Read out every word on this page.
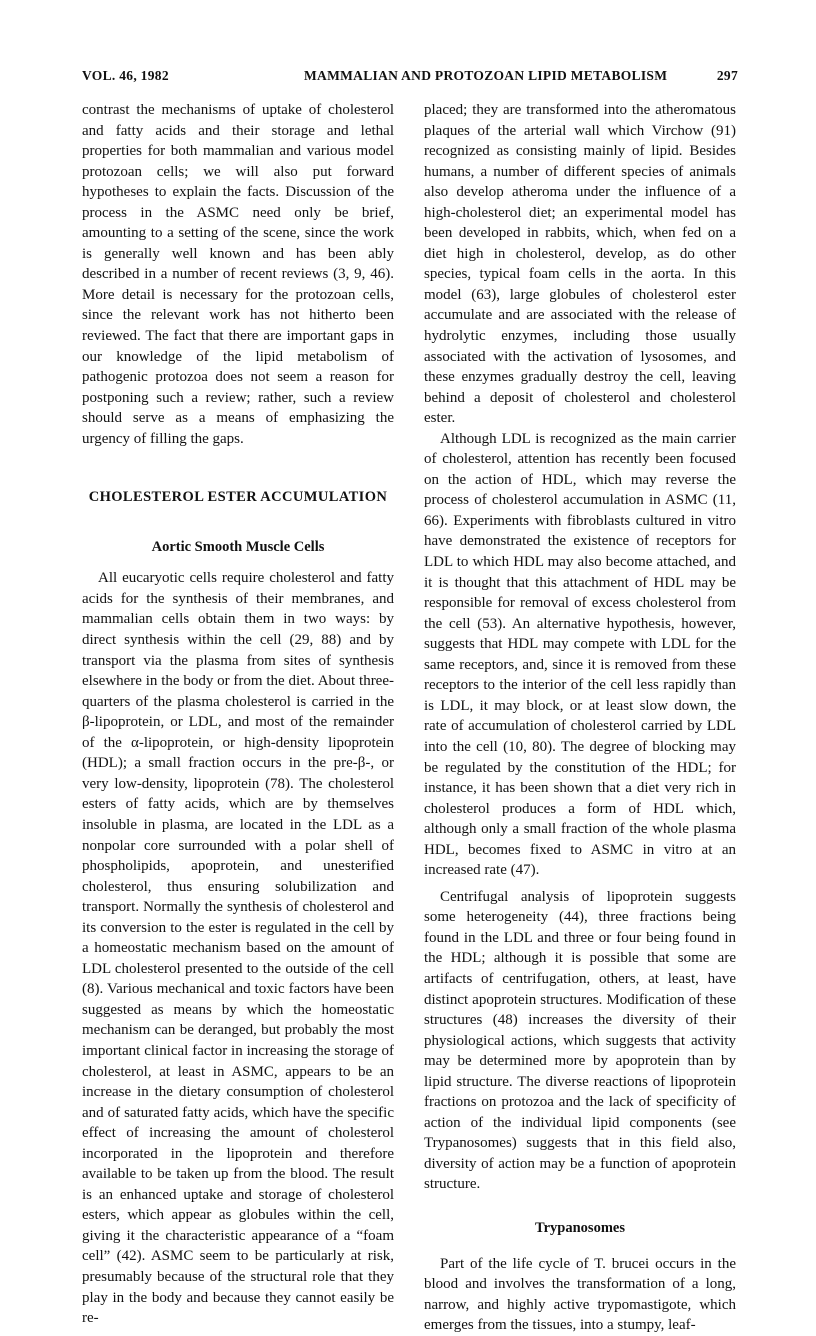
VOL. 46, 1982	MAMMALIAN AND PROTOZOAN LIPID METABOLISM	297

contrast the mechanisms of uptake of cholesterol and fatty acids and their storage and lethal properties for both mammalian and various model protozoan cells; we will also put forward hypotheses to explain the facts. Discussion of the process in the ASMC need only be brief, amounting to a setting of the scene, since the work is generally well known and has been ably described in a number of recent reviews (3, 9, 46). More detail is necessary for the protozoan cells, since the relevant work has not hitherto been reviewed. The fact that there are important gaps in our knowledge of the lipid metabolism of pathogenic protozoa does not seem a reason for postponing such a review; rather, such a review should serve as a means of emphasizing the urgency of filling the gaps.

CHOLESTEROL ESTER ACCUMULATION
Aortic Smooth Muscle Cells

All eucaryotic cells require cholesterol and fatty acids for the synthesis of their membranes, and mammalian cells obtain them in two ways: by direct synthesis within the cell (29, 88) and by transport via the plasma from sites of synthesis elsewhere in the body or from the diet. About three-quarters of the plasma cholesterol is carried in the β-lipoprotein, or LDL, and most of the remainder of the α-lipoprotein, or high-density lipoprotein (HDL); a small fraction occurs in the pre-β-, or very low-density, lipoprotein (78). The cholesterol esters of fatty acids, which are by themselves insoluble in plasma, are located in the LDL as a nonpolar core surrounded with a polar shell of phospholipids, apoprotein, and unesterified cholesterol, thus ensuring solubilization and transport. Normally the synthesis of cholesterol and its conversion to the ester is regulated in the cell by a homeostatic mechanism based on the amount of LDL cholesterol presented to the outside of the cell (8). Various mechanical and toxic factors have been suggested as means by which the homeostatic mechanism can be deranged, but probably the most important clinical factor in increasing the storage of cholesterol, at least in ASMC, appears to be an increase in the dietary consumption of cholesterol and of saturated fatty acids, which have the specific effect of increasing the amount of cholesterol incorporated in the lipoprotein and therefore available to be taken up from the blood. The result is an enhanced uptake and storage of cholesterol esters, which appear as globules within the cell, giving it the characteristic appearance of a “foam cell” (42). ASMC seem to be particularly at risk, presumably because of the structural role that they play in the body and because they cannot easily be re-

placed; they are transformed into the atheromatous plaques of the arterial wall which Virchow (91) recognized as consisting mainly of lipid. Besides humans, a number of different species of animals also develop atheroma under the influence of a high-cholesterol diet; an experimental model has been developed in rabbits, which, when fed on a diet high in cholesterol, develop, as do other species, typical foam cells in the aorta. In this model (63), large globules of cholesterol ester accumulate and are associated with the release of hydrolytic enzymes, including those usually associated with the activation of lysosomes, and these enzymes gradually destroy the cell, leaving behind a deposit of cholesterol and cholesterol ester.

Although LDL is recognized as the main carrier of cholesterol, attention has recently been focused on the action of HDL, which may reverse the process of cholesterol accumulation in ASMC (11, 66). Experiments with fibroblasts cultured in vitro have demonstrated the existence of receptors for LDL to which HDL may also become attached, and it is thought that this attachment of HDL may be responsible for removal of excess cholesterol from the cell (53). An alternative hypothesis, however, suggests that HDL may compete with LDL for the same receptors, and, since it is removed from these receptors to the interior of the cell less rapidly than is LDL, it may block, or at least slow down, the rate of accumulation of cholesterol carried by LDL into the cell (10, 80). The degree of blocking may be regulated by the constitution of the HDL; for instance, it has been shown that a diet very rich in cholesterol produces a form of HDL which, although only a small fraction of the whole plasma HDL, becomes fixed to ASMC in vitro at an increased rate (47).

Centrifugal analysis of lipoprotein suggests some heterogeneity (44), three fractions being found in the LDL and three or four being found in the HDL; although it is possible that some are artifacts of centrifugation, others, at least, have distinct apoprotein structures. Modification of these structures (48) increases the diversity of their physiological actions, which suggests that activity may be determined more by apoprotein than by lipid structure. The diverse reactions of lipoprotein fractions on protozoa and the lack of specificity of action of the individual lipid components (see Trypanosomes) suggests that in this field also, diversity of action may be a function of apoprotein structure.

Trypanosomes

Part of the life cycle of T. brucei occurs in the blood and involves the transformation of a long, narrow, and highly active trypomastigote, which emerges from the tissues, into a stumpy, leaf-
